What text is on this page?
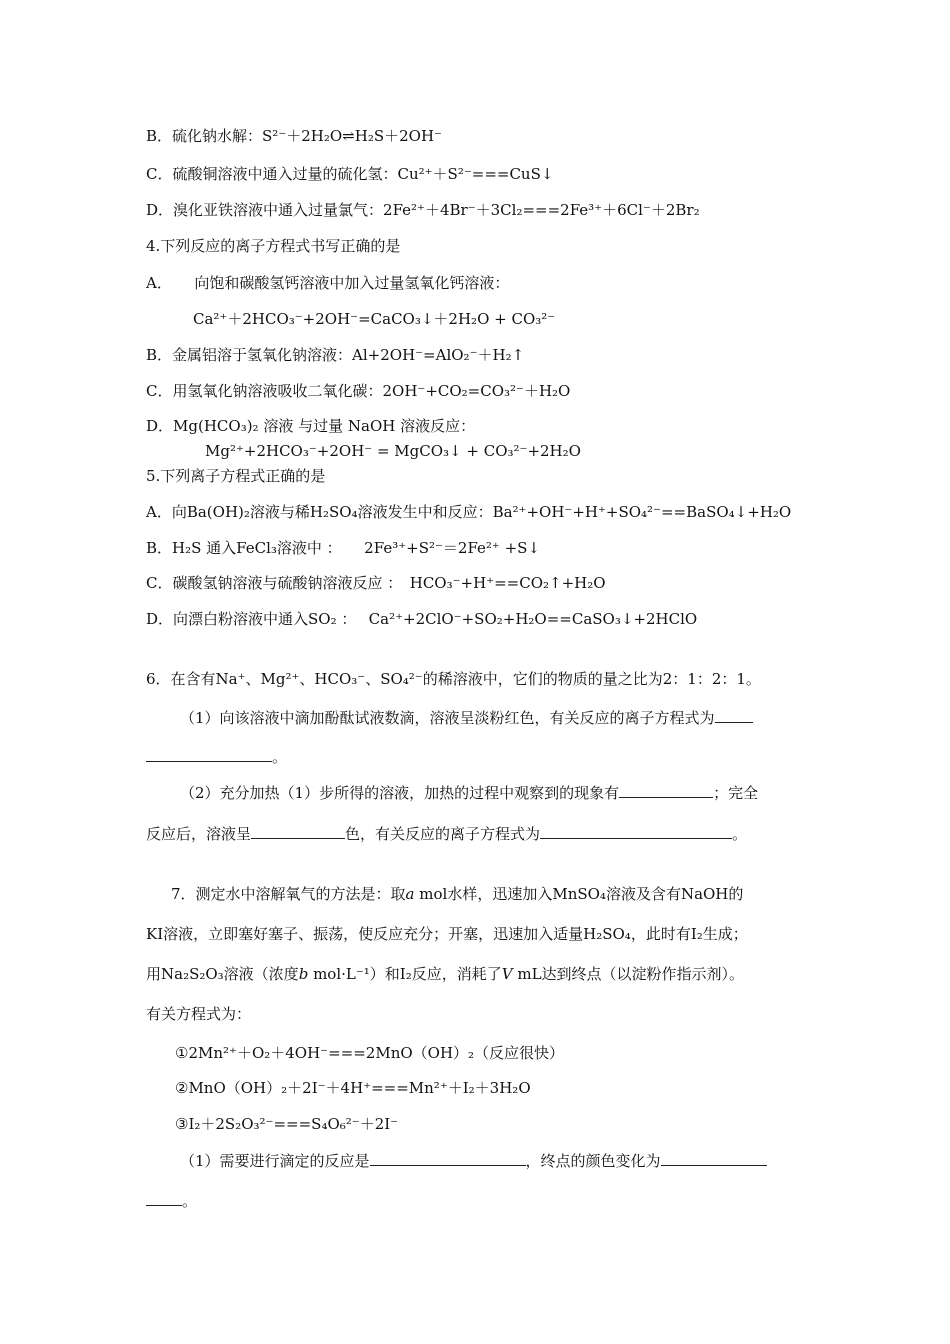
B．硫化钠水解：S²⁻＋2H₂O⇌H₂S＋2OH⁻
C．硫酸铜溶液中通入过量的硫化氢：Cu²⁺＋S²⁻===CuS↓
D．溴化亚铁溶液中通入过量氯气：2Fe²⁺＋4Br⁻＋3Cl₂===2Fe³⁺＋6Cl⁻＋2Br₂
4.下列反应的离子方程式书写正确的是
A．　　向饱和碳酸氢钙溶液中加入过量氢氧化钙溶液：
Ca²⁺＋2HCO₃⁻+2OH⁻=CaCO₃↓＋2H₂O + CO₃²⁻
B．金属铝溶于氢氧化钠溶液：Al+2OH⁻=AlO₂⁻＋H₂↑
C．用氢氧化钠溶液吸收二氧化碳：2OH⁻+CO₂=CO₃²⁻＋H₂O
D．Mg(HCO₃)₂ 溶液 与过量 NaOH 溶液反应：
Mg²⁺+2HCO₃⁻+2OH⁻ = MgCO₃↓ + CO₃²⁻+2H₂O
5.下列离子方程式正确的是
A．向Ba(OH)₂溶液与稀H₂SO₄溶液发生中和反应：Ba²⁺+OH⁻+H⁺+SO₄²⁻==BaSO₄↓+H₂O
B．H₂S 通入FeCl₃溶液中 ：　　2Fe³⁺+S²⁻＝2Fe²⁺ +S↓
C．碳酸氢钠溶液与硫酸钠溶液反应 ：　HCO₃⁻+H⁺==CO₂↑+H₂O
D．向漂白粉溶液中通入SO₂ ：　 Ca²⁺+2ClO⁻+SO₂+H₂O==CaSO₃↓+2HClO
6．在含有Na⁺、Mg²⁺、HCO₃⁻、SO₄²⁻的稀溶液中，它们的物质的量之比为2：1：2：1。
（1）向该溶液中滴加酚酞试液数滴，溶液呈淡粉红色，有关反应的离子方程式为
。
（2）充分加热（1）步所得的溶液，加热的过程中观察到的现象有	；完全
反应后，溶液呈	色，有关反应的离子方程式为	。
7．测定水中溶解氧气的方法是：取a mol水样，迅速加入MnSO₄溶液及含有NaOH的
KI溶液，立即塞好塞子、振荡，使反应充分；开塞，迅速加入适量H₂SO₄，此时有I₂生成；
用Na₂S₂O₃溶液（浓度b mol·L⁻¹）和I₂反应，消耗了V mL达到终点（以淀粉作指示剂）。
有关方程式为：
①2Mn²⁺＋O₂＋4OH⁻===2MnO（OH）₂（反应很快）
②MnO（OH）₂＋2I⁻＋4H⁺===Mn²⁺＋I₂＋3H₂O
③I₂＋2S₂O₃²⁻===S₄O₆²⁻＋2I⁻
（1）需要进行滴定的反应是	，终点的颜色变化为
。
